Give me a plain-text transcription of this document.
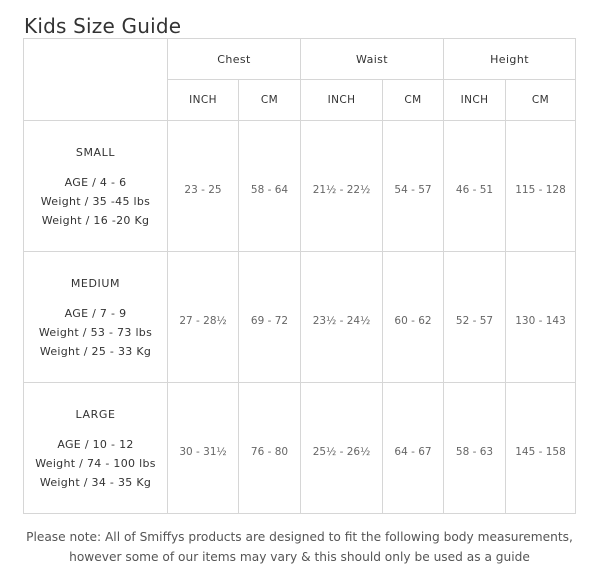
Kids Size Guide
	Chest		Waist		Height	
	INCH	CM	INCH	CM	INCH	CM

SMALL
AGE / 4 - 6
Weight / 35 -45 lbs
Weight / 16 -20 Kg	23 - 25	58 - 64	21½ - 22½	54 - 57	46 - 51	115 - 128

MEDIUM
AGE / 7 - 9
Weight / 53 - 73 lbs
Weight / 25 - 33 Kg	27 - 28½	69 - 72	23½ - 24½	60 - 62	52 - 57	130 - 143

LARGE
AGE / 10 - 12
Weight / 74 - 100 lbs
Weight / 34 - 35 Kg	30 - 31½	76 - 80	25½ - 26½	64 - 67	58 - 63	145 - 158
Please note: All of Smiffys products are designed to fit the following body measurements,
however some of our items may vary & this should only be used as a guide
